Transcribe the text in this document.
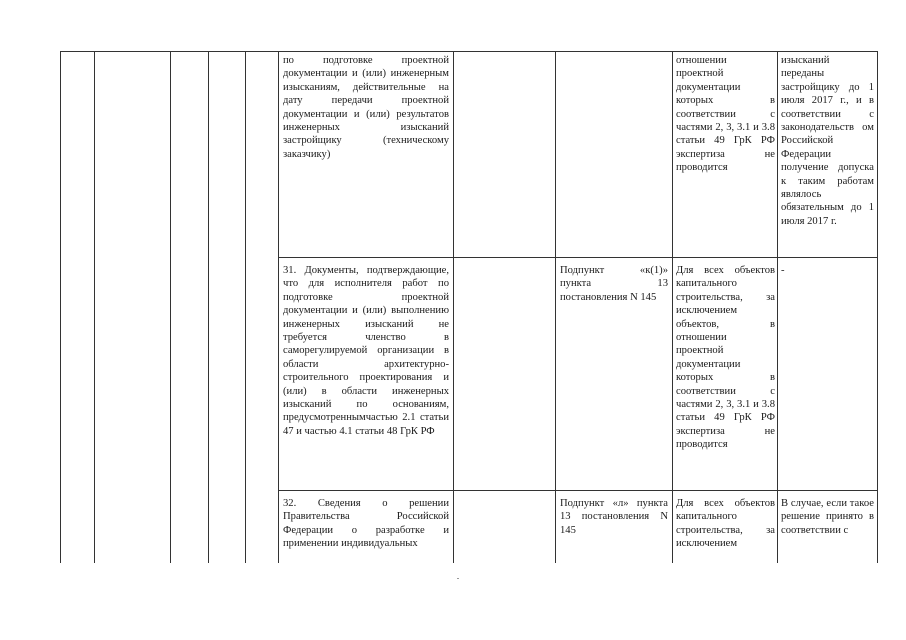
по подготовке проектной документации и (или) инженерным изысканиям, действительные на дату передачи проектной документации и (или) результатов инженерных изысканий застройщику (техническому заказчику)

отношении проектной документации которых в соответствии с частями 2, 3, 3.1 и 3.8 статьи 49 ГрК РФ экспертиза не проводится

изысканий переданы застройщику до 1 июля 2017 г., и в соответствии с законодательств ом Российской Федерации получение допуска к таким работам являлось обязательным до 1 июля 2017 г.

31. Документы, подтверждающие, что для исполнителя работ по подготовке проектной документации и (или) выполнению инженерных изысканий не требуется членство в саморегулируемой организации в области архитектурно-строительного проектирования и (или) в области инженерных изысканий по основаниям, предусмотреннымчастью 2.1 статьи 47 и частью 4.1 статьи 48 ГрК РФ

Подпункт «к(1)» пункта 13 постановления N 145

Для всех объектов капитального строительства, за исключением объектов, в отношении проектной документации которых в соответствии с частями 2, 3, 3.1 и 3.8 статьи 49 ГрК РФ экспертиза не проводится

-

32. Сведения о решении Правительства Российской Федерации о разработке и применении индивидуальных

Подпункт «л» пункта 13 постановления N 145

Для всех объектов капитального строительства, за исключением

В случае, если такое решение принято в соответствии с
